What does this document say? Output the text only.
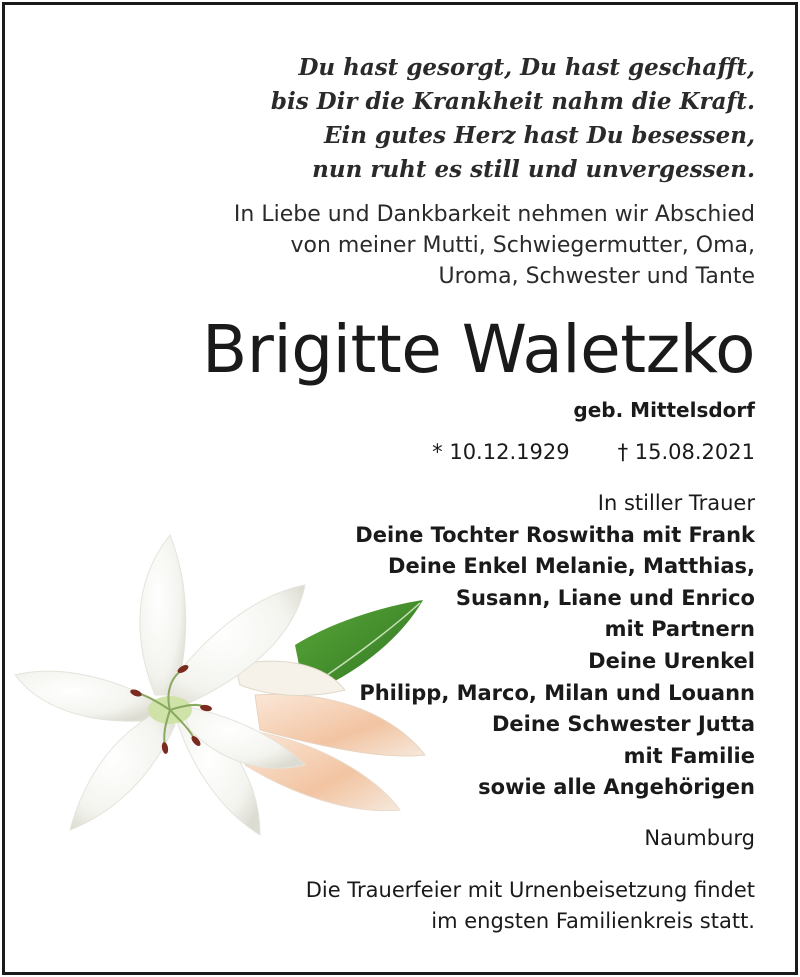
Du hast gesorgt, Du hast geschafft,
bis Dir die Krankheit nahm die Kraft.
Ein gutes Herz hast Du besessen,
nun ruht es still und unvergessen.
In Liebe und Dankbarkeit nehmen wir Abschied
von meiner Mutti, Schwiegermutter, Oma,
Uroma, Schwester und Tante
Brigitte Waletzko
geb. Mittelsdorf
* 10.12.1929 † 15.08.2021
In stiller Trauer
Deine Tochter Roswitha mit Frank
Deine Enkel Melanie, Matthias,
Susann, Liane und Enrico
mit Partnern
Deine Urenkel
Philipp, Marco, Milan und Louann
Deine Schwester Jutta
mit Familie
sowie alle Angehörigen
Naumburg
Die Trauerfeier mit Urnenbeisetzung findet
im engsten Familienkreis statt.
